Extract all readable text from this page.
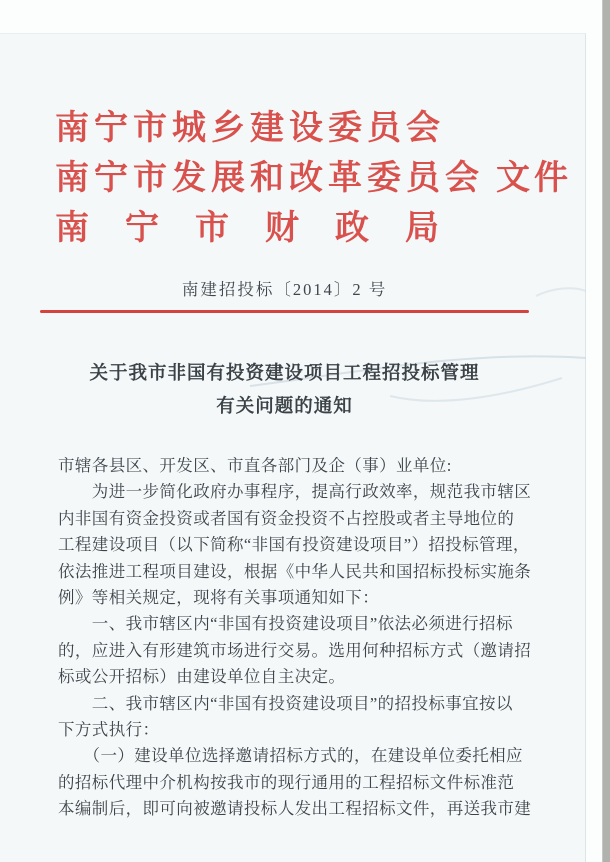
南宁市城乡建设委员会
南宁市发展和改革委员会 文件
南宁市财政局
南建招投标〔2014〕2 号
关于我市非国有投资建设项目工程招投标管理
有关问题的通知
市辖各县区、开发区、市直各部门及企（事）业单位:
　　为进一步简化政府办事程序，提高行政效率，规范我市辖区
内非国有资金投资或者国有资金投资不占控股或者主导地位的
工程建设项目（以下简称“非国有投资建设项目”）招投标管理，
依法推进工程项目建设，根据《中华人民共和国招标投标实施条
例》等相关规定，现将有关事项通知如下：
　　一、我市辖区内“非国有投资建设项目”依法必须进行招标
的，应进入有形建筑市场进行交易。选用何种招标方式（邀请招
标或公开招标）由建设单位自主决定。
　　二、我市辖区内“非国有投资建设项目”的招投标事宜按以
下方式执行：
　　（一）建设单位选择邀请招标方式的，在建设单位委托相应
的招标代理中介机构按我市的现行通用的工程招标文件标准范
本编制后，即可向被邀请投标人发出工程招标文件，再送我市建
